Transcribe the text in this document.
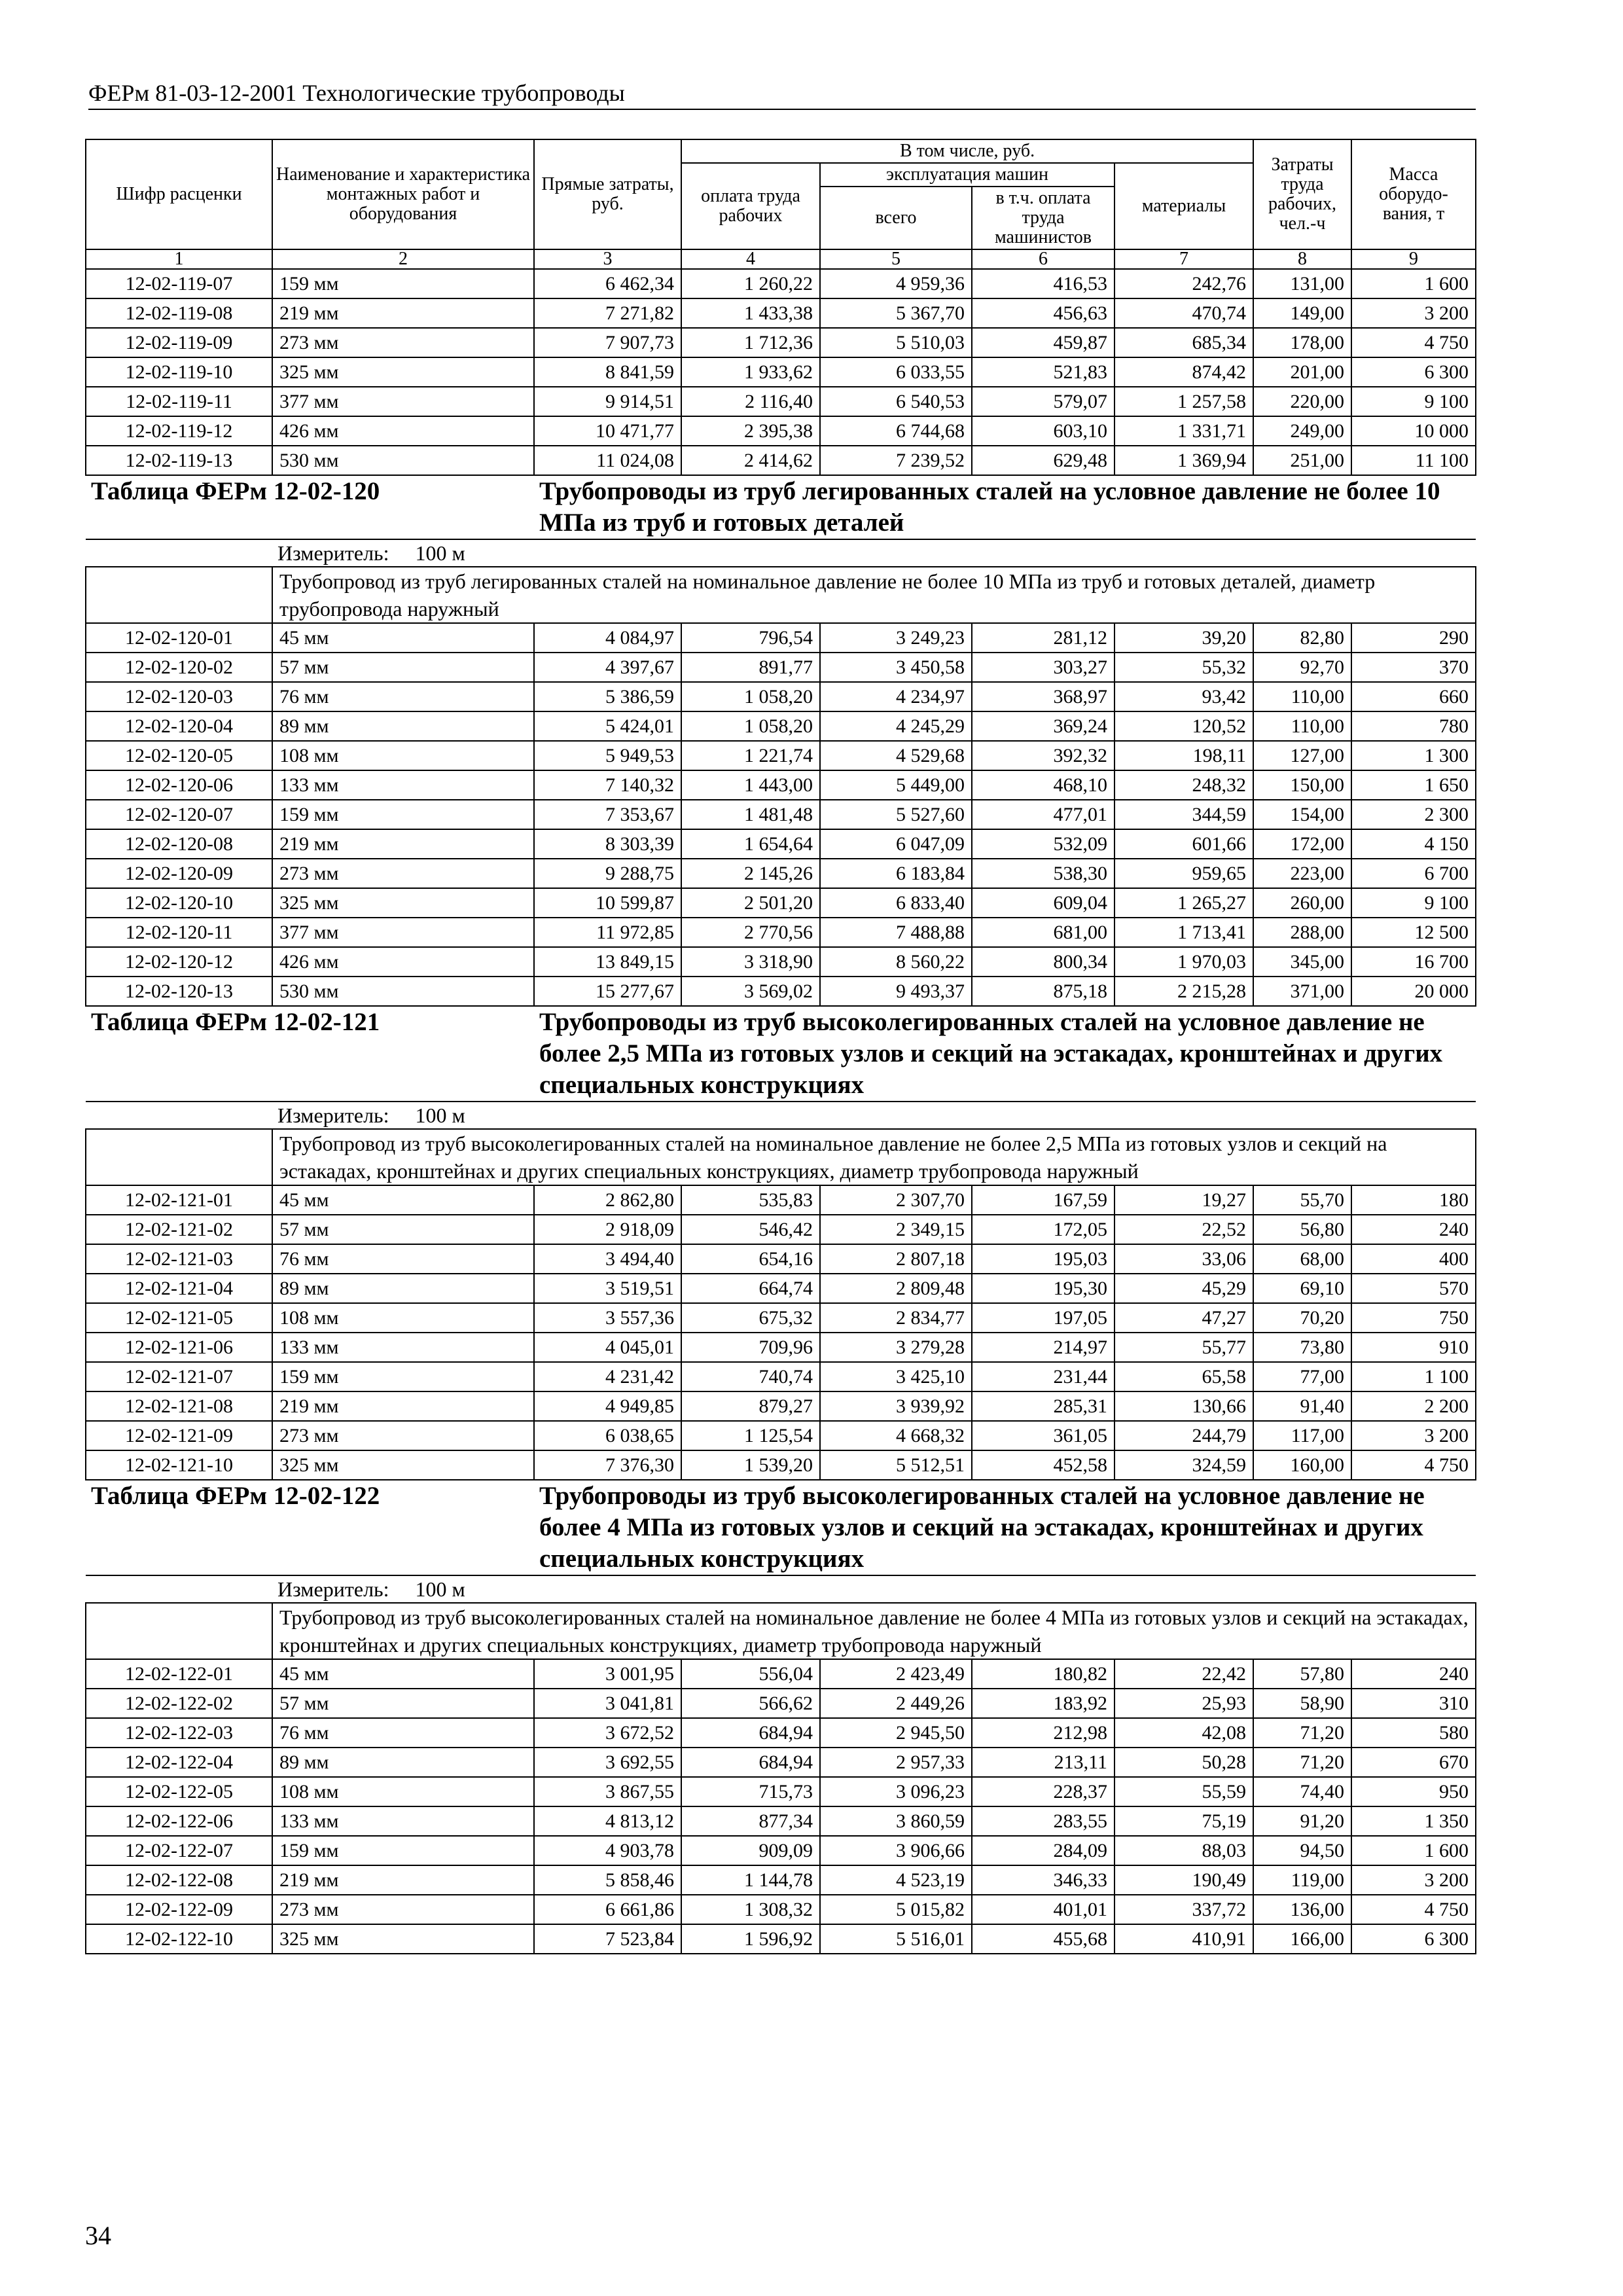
ФЕРм 81-03-12-2001 Технологические трубопроводы
Шифр расценки	Наименование и характеристика монтажных работ и оборудования	Прямые затраты, руб.	В том числе, руб.				Затраты труда рабочих, чел.-ч	Масса оборудо-вания, т
			оплата труда рабочих	эксплуатация машин		материалы		
				всего	в т.ч. оплата труда машинистов			
1	2	3	4	5	6	7	8	9
12-02-119-07	159 мм	6 462,34	1 260,22	4 959,36	416,53	242,76	131,00	1 600
12-02-119-08	219 мм	7 271,82	1 433,38	5 367,70	456,63	470,74	149,00	3 200
12-02-119-09	273 мм	7 907,73	1 712,36	5 510,03	459,87	685,34	178,00	4 750
12-02-119-10	325 мм	8 841,59	1 933,62	6 033,55	521,83	874,42	201,00	6 300
12-02-119-11	377 мм	9 914,51	2 116,40	6 540,53	579,07	1 257,58	220,00	9 100
12-02-119-12	426 мм	10 471,77	2 395,38	6 744,68	603,10	1 331,71	249,00	10 000
12-02-119-13	530 мм	11 024,08	2 414,62	7 239,52	629,48	1 369,94	251,00	11 100
Таблица ФЕРм 12-02-120		Трубопроводы из труб легированных сталей на условное давление не более 10 МПа из труб и готовых деталей						
	Измеритель: 100 м							
	Трубопровод из труб легированных сталей на номинальное давление не более 10 МПа из труб и готовых деталей, диаметр трубопровода наружный							
12-02-120-01	45 мм	4 084,97	796,54	3 249,23	281,12	39,20	82,80	290
12-02-120-02	57 мм	4 397,67	891,77	3 450,58	303,27	55,32	92,70	370
12-02-120-03	76 мм	5 386,59	1 058,20	4 234,97	368,97	93,42	110,00	660
12-02-120-04	89 мм	5 424,01	1 058,20	4 245,29	369,24	120,52	110,00	780
12-02-120-05	108 мм	5 949,53	1 221,74	4 529,68	392,32	198,11	127,00	1 300
12-02-120-06	133 мм	7 140,32	1 443,00	5 449,00	468,10	248,32	150,00	1 650
12-02-120-07	159 мм	7 353,67	1 481,48	5 527,60	477,01	344,59	154,00	2 300
12-02-120-08	219 мм	8 303,39	1 654,64	6 047,09	532,09	601,66	172,00	4 150
12-02-120-09	273 мм	9 288,75	2 145,26	6 183,84	538,30	959,65	223,00	6 700
12-02-120-10	325 мм	10 599,87	2 501,20	6 833,40	609,04	1 265,27	260,00	9 100
12-02-120-11	377 мм	11 972,85	2 770,56	7 488,88	681,00	1 713,41	288,00	12 500
12-02-120-12	426 мм	13 849,15	3 318,90	8 560,22	800,34	1 970,03	345,00	16 700
12-02-120-13	530 мм	15 277,67	3 569,02	9 493,37	875,18	2 215,28	371,00	20 000
Таблица ФЕРм 12-02-121		Трубопроводы из труб высоколегированных сталей на условное давление не более 2,5 МПа из готовых узлов и секций на эстакадах, кронштейнах и других специальных конструкциях						
	Измеритель: 100 м							
	Трубопровод из труб высоколегированных сталей на номинальное давление не более 2,5 МПа из готовых узлов и секций на эстакадах, кронштейнах и других специальных конструкциях, диаметр трубопровода наружный							
12-02-121-01	45 мм	2 862,80	535,83	2 307,70	167,59	19,27	55,70	180
12-02-121-02	57 мм	2 918,09	546,42	2 349,15	172,05	22,52	56,80	240
12-02-121-03	76 мм	3 494,40	654,16	2 807,18	195,03	33,06	68,00	400
12-02-121-04	89 мм	3 519,51	664,74	2 809,48	195,30	45,29	69,10	570
12-02-121-05	108 мм	3 557,36	675,32	2 834,77	197,05	47,27	70,20	750
12-02-121-06	133 мм	4 045,01	709,96	3 279,28	214,97	55,77	73,80	910
12-02-121-07	159 мм	4 231,42	740,74	3 425,10	231,44	65,58	77,00	1 100
12-02-121-08	219 мм	4 949,85	879,27	3 939,92	285,31	130,66	91,40	2 200
12-02-121-09	273 мм	6 038,65	1 125,54	4 668,32	361,05	244,79	117,00	3 200
12-02-121-10	325 мм	7 376,30	1 539,20	5 512,51	452,58	324,59	160,00	4 750
Таблица ФЕРм 12-02-122		Трубопроводы из труб высоколегированных сталей на условное давление не более 4 МПа из готовых узлов и секций на эстакадах, кронштейнах и других специальных конструкциях						
	Измеритель: 100 м							
	Трубопровод из труб высоколегированных сталей на номинальное давление не более 4 МПа из готовых узлов и секций на эстакадах, кронштейнах и других специальных конструкциях, диаметр трубопровода наружный							
12-02-122-01	45 мм	3 001,95	556,04	2 423,49	180,82	22,42	57,80	240
12-02-122-02	57 мм	3 041,81	566,62	2 449,26	183,92	25,93	58,90	310
12-02-122-03	76 мм	3 672,52	684,94	2 945,50	212,98	42,08	71,20	580
12-02-122-04	89 мм	3 692,55	684,94	2 957,33	213,11	50,28	71,20	670
12-02-122-05	108 мм	3 867,55	715,73	3 096,23	228,37	55,59	74,40	950
12-02-122-06	133 мм	4 813,12	877,34	3 860,59	283,55	75,19	91,20	1 350
12-02-122-07	159 мм	4 903,78	909,09	3 906,66	284,09	88,03	94,50	1 600
12-02-122-08	219 мм	5 858,46	1 144,78	4 523,19	346,33	190,49	119,00	3 200
12-02-122-09	273 мм	6 661,86	1 308,32	5 015,82	401,01	337,72	136,00	4 750
12-02-122-10	325 мм	7 523,84	1 596,92	5 516,01	455,68	410,91	166,00	6 300
34
